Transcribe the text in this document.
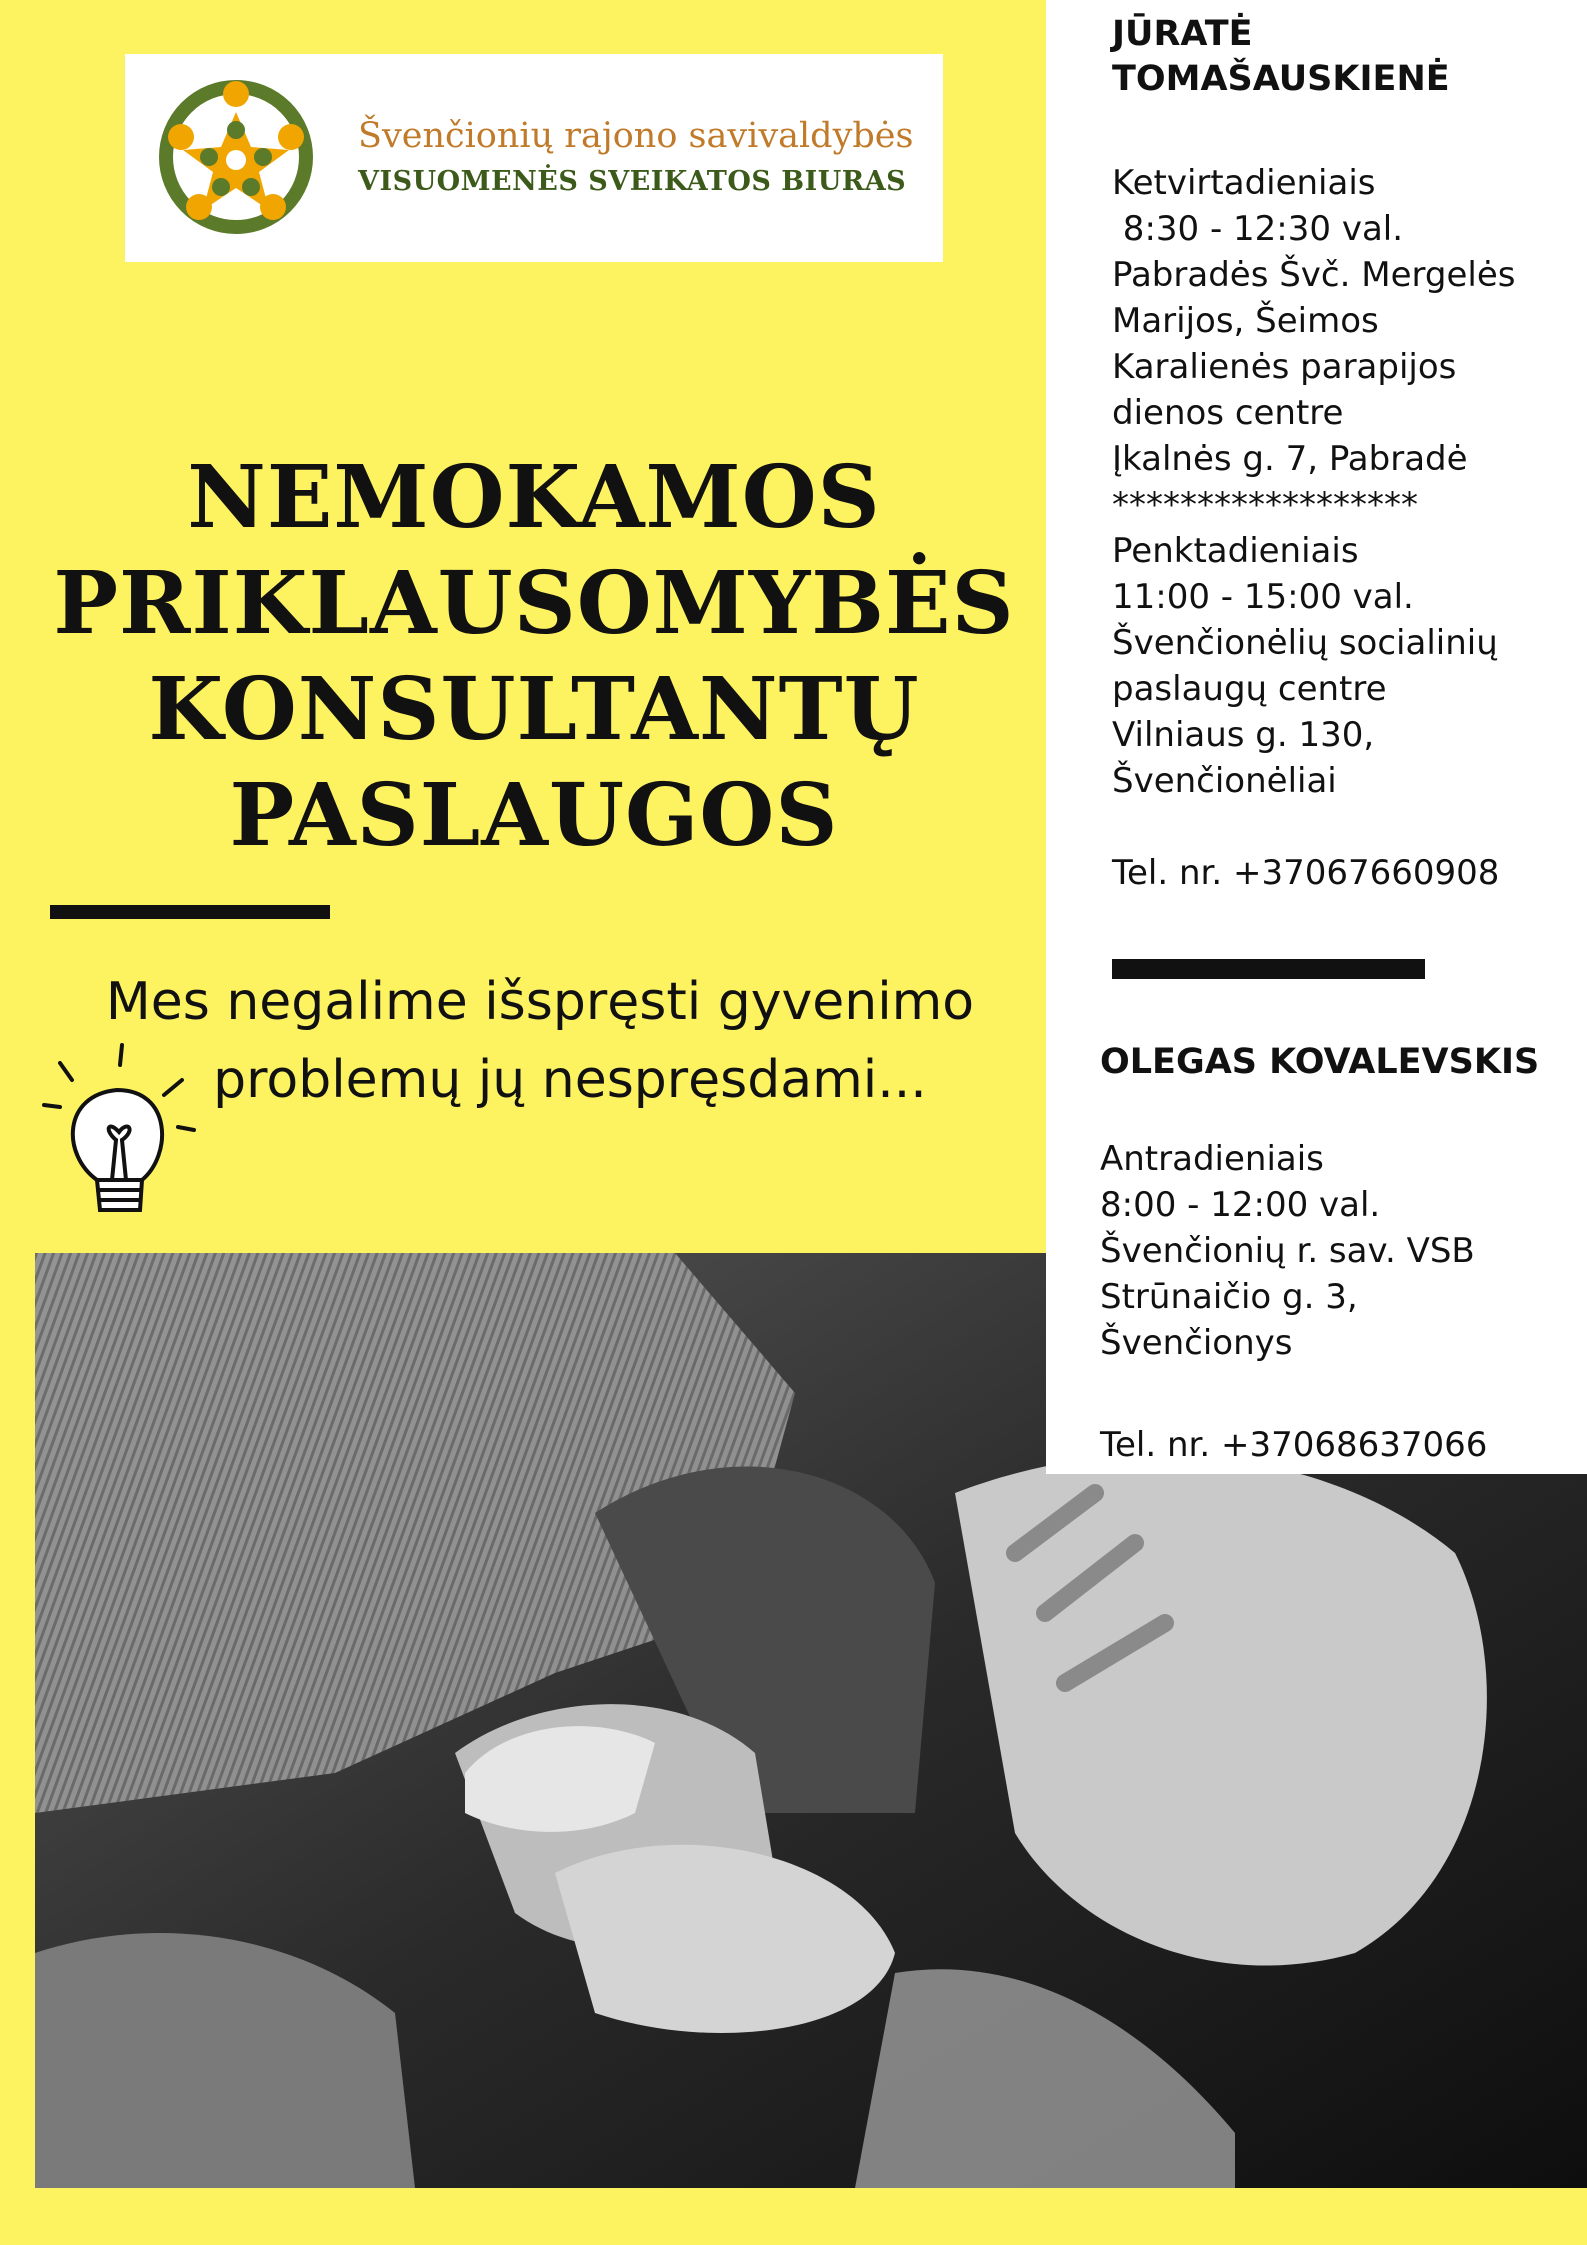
Švenčionių rajono savivaldybės
VISUOMENĖS SVEIKATOS BIURAS
NEMOKAMOS
PRIKLAUSOMYBĖS
KONSULTANTŲ
PASLAUGOS
Mes negalime išspręsti gyvenimo
problemų jų nespręsdami...
JŪRATĖ
TOMAŠAUSKIENĖ
Ketvirtadieniais
8:30 - 12:30 val.
Pabradės Švč. Mergelės
Marijos, Šeimos
Karalienės parapijos
dienos centre
Įkalnės g. 7, Pabradė
******************
Penktadieniais
11:00 - 15:00 val.
Švenčionėlių socialinių
paslaugų centre
Vilniaus g. 130,
Švenčionėliai
Tel. nr. +37067660908
OLEGAS KOVALEVSKIS
Antradieniais
8:00 - 12:00 val.
Švenčionių r. sav. VSB
Strūnaičio g. 3,
Švenčionys
Tel. nr. +37068637066
